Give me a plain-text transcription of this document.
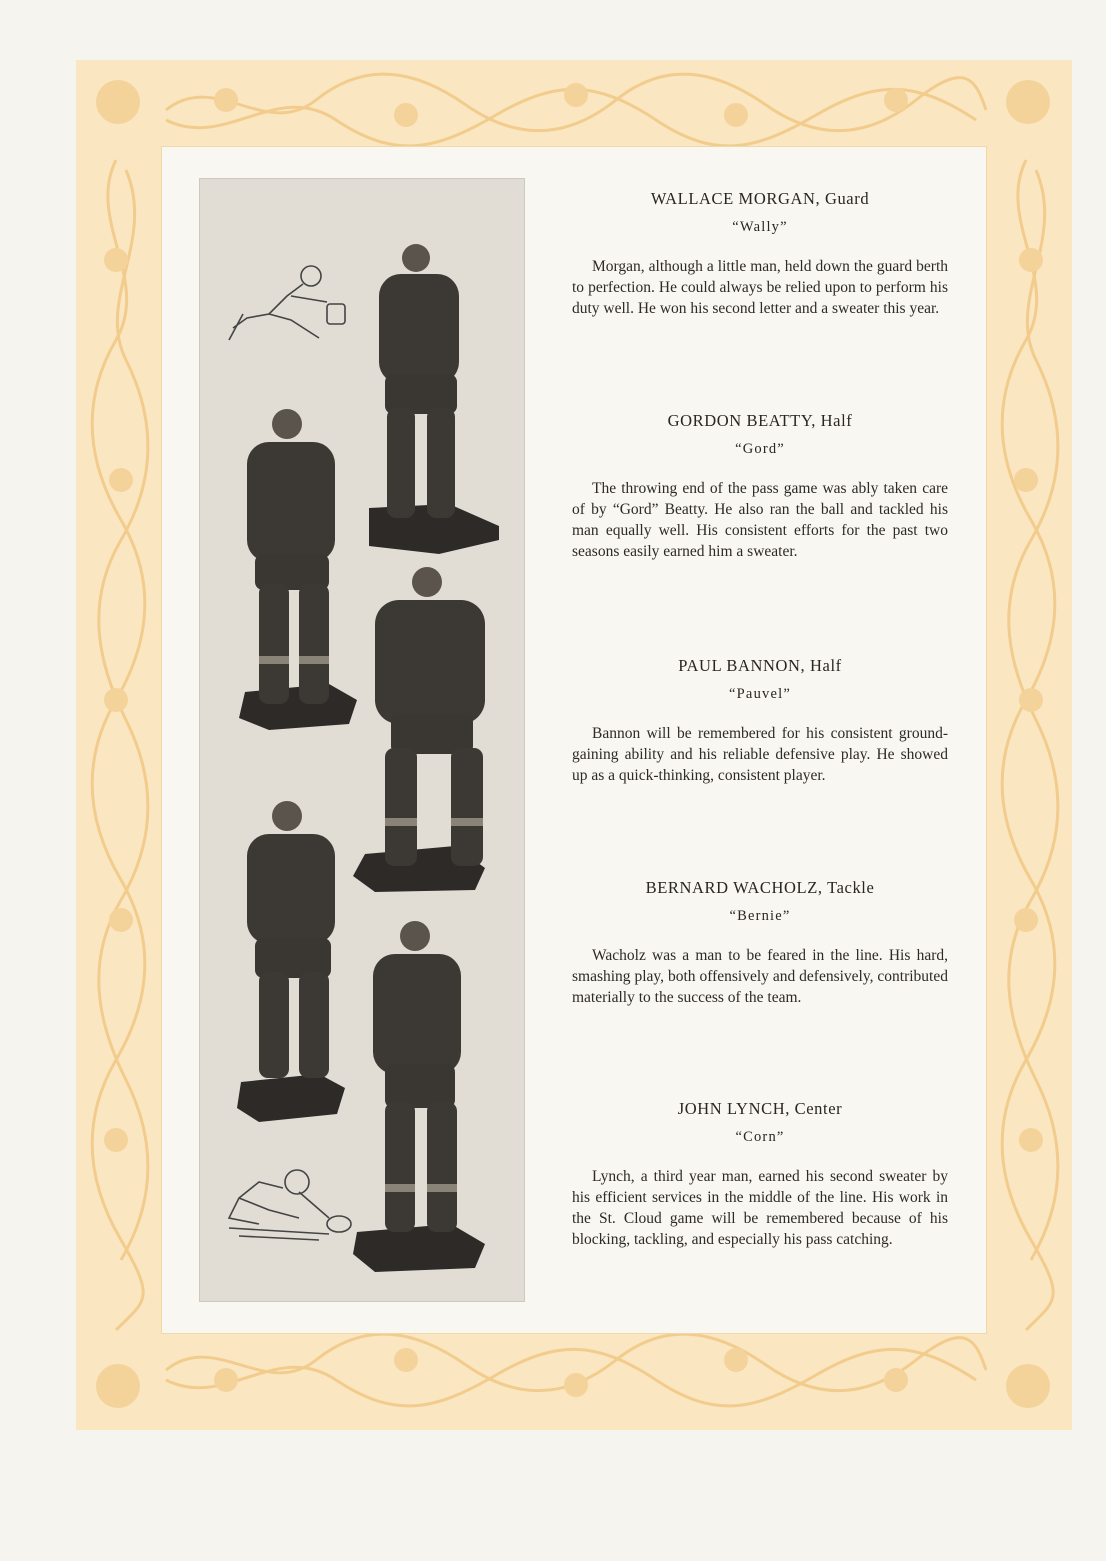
WALLACE MORGAN, Guard

“Wally”

Morgan, although a little man, held down the guard berth to perfection. He could always be relied upon to perform his duty well. He won his second letter and a sweater this year.

GORDON BEATTY, Half

“Gord”

The throwing end of the pass game was ably taken care of by “Gord” Beatty. He also ran the ball and tackled his man equally well. His consistent efforts for the past two seasons easily earned him a sweater.

PAUL BANNON, Half

“Pauvel”

Bannon will be remembered for his consistent ground-gaining ability and his reliable defensive play. He showed up as a quick-thinking, consistent player.

BERNARD WACHOLZ, Tackle

“Bernie”

Wacholz was a man to be feared in the line. His hard, smashing play, both offensively and defensively, contributed materially to the success of the team.

JOHN LYNCH, Center

“Corn”

Lynch, a third year man, earned his second sweater by his efficient services in the middle of the line. His work in the St. Cloud game will be remembered because of his blocking, tackling, and especially his pass catching.
